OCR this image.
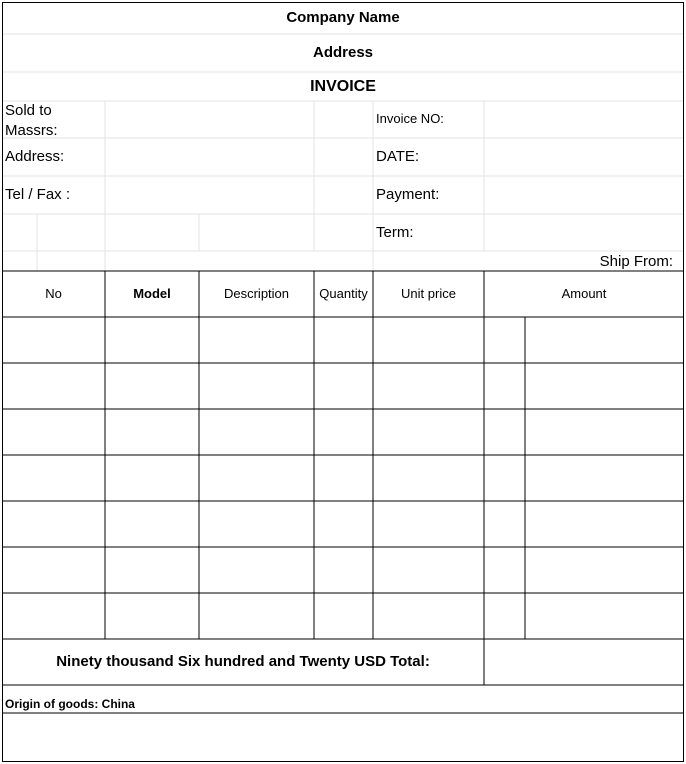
Company Name
Address
INVOICE
Sold to
Massrs:
Address:
Tel / Fax :
Invoice NO:
DATE:
Payment:
Term:
Ship From:
No	Model	Description	Quantity	Unit price	Amount
Ninety thousand Six hundred and Twenty USD Total:
Origin of goods: China
